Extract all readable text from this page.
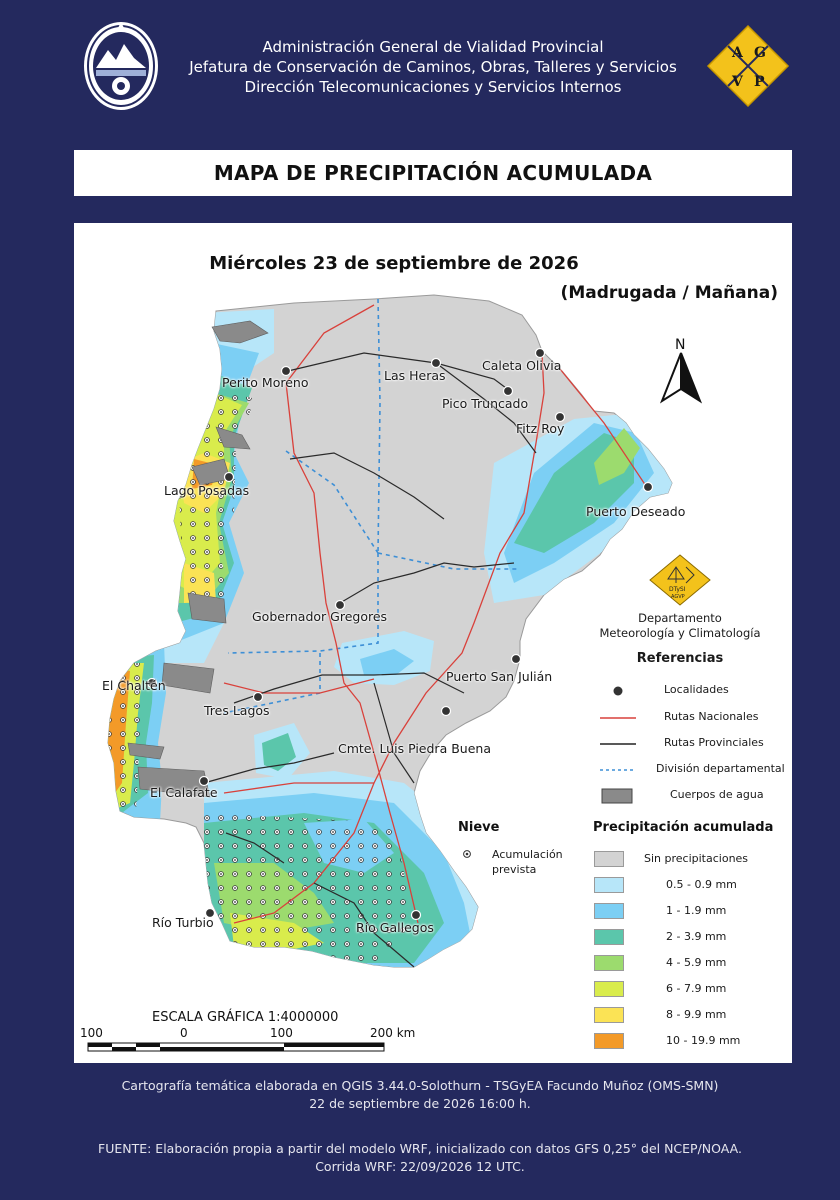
Administración General de Vialidad Provincial
Jefatura de Conservación de Caminos, Obras, Talleres y Servicios
Dirección Telecomunicaciones y Servicios Internos
A G
V P
MAPA DE PRECIPITACIÓN ACUMULADA
Miércoles 23 de septiembre de 2026
(Madrugada / Mañana)
Perito Moreno	Las Heras
Caleta Olivia
Pico Truncado
Fitz Roy
Lago Posadas
Puerto Deseado
Gobernador Gregores
Puerto San Julián
El Chaltén
Tres Lagos
Cmte. Luis Piedra Buena
El Calafate
Río Turbio	Río Gallegos
N
DTySI
AGVP
Departamento
Meteorología y Climatología
Referencias
Localidades
Rutas Nacionales
Rutas Provinciales
División departamental
Cuerpos de agua
Nieve
Acumulación
prevista
Precipitación acumulada
Sin precipitaciones
0.5 - 0.9 mm
1 - 1.9 mm
2 - 3.9 mm
4 - 5.9 mm
6 - 7.9 mm
8 - 9.9 mm
10 - 19.9 mm
ESCALA GRÁFICA 1:4000000
100	0	100	200 km
Cartografía temática elaborada en QGIS 3.44.0-Solothurn - TSGyEA Facundo Muñoz (OMS-SMN)
22 de septiembre de 2026 16:00 h.
FUENTE: Elaboración propia a partir del modelo WRF, inicializado con datos GFS 0,25° del NCEP/NOAA.
Corrida WRF: 22/09/2026 12 UTC.
